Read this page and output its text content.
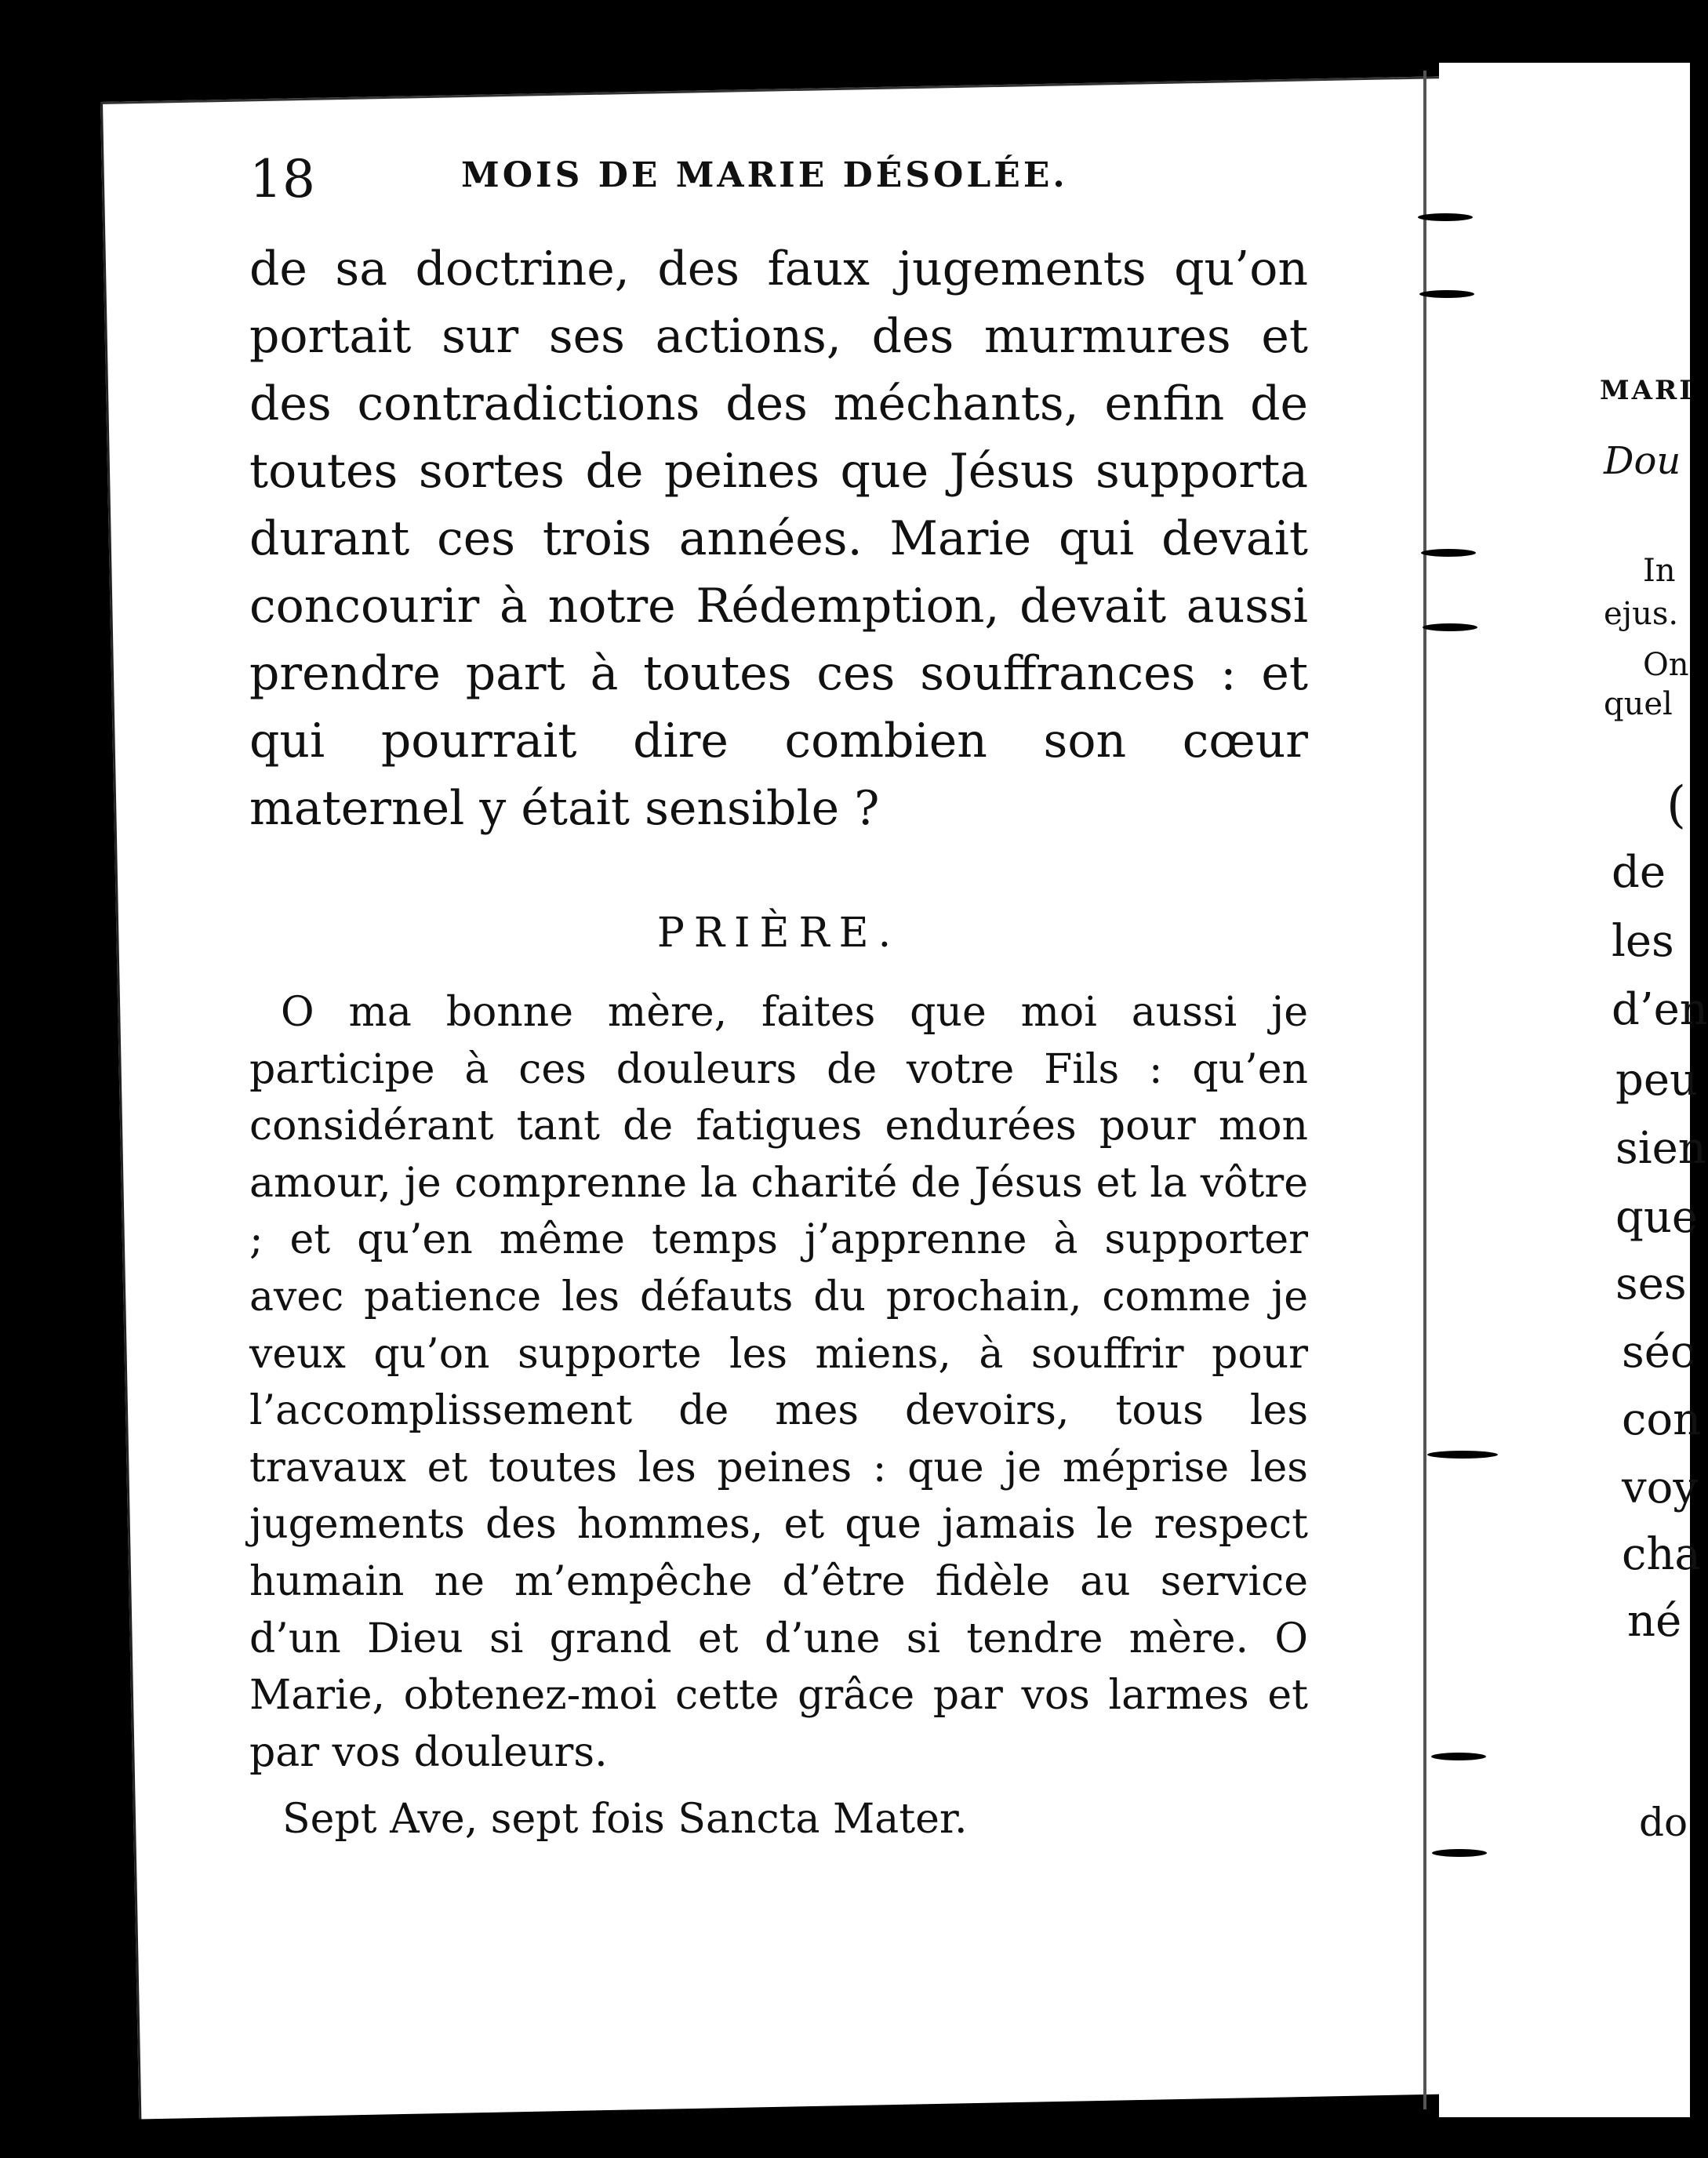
18	MOIS DE MARIE DÉSOLÉE.
de sa doctrine, des faux jugements qu’on portait sur ses actions, des murmures et des contradictions des méchants, enfin de toutes sortes de peines que Jésus supporta durant ces trois années. Marie qui devait concourir à notre Rédemption, devait aussi prendre part à toutes ces souffrances : et qui pourrait dire combien son cœur maternel y était sensible ?
PRIÈRE.
O ma bonne mère, faites que moi aussi je participe à ces douleurs de votre Fils : qu’en considérant tant de fatigues endurées pour mon amour, je comprenne la charité de Jésus et la vôtre ; et qu’en même temps j’apprenne à supporter avec patience les défauts du prochain, comme je veux qu’on supporte les miens, à souffrir pour l’accomplissement de mes devoirs, tous les travaux et toutes les peines : que je méprise les jugements des hommes, et que jamais le respect humain ne m’empêche d’être fidèle au service d’un Dieu si grand et d’une si tendre mère. O Marie, obtenez-moi cette grâce par vos larmes et par vos douleurs.
Sept Ave, sept fois Sancta Mater.
MARI
Dou
In
ejus.
On
quel
(
de
les
d’en
peu
sien
que
ses
séc
con
voy
cha
né
do
